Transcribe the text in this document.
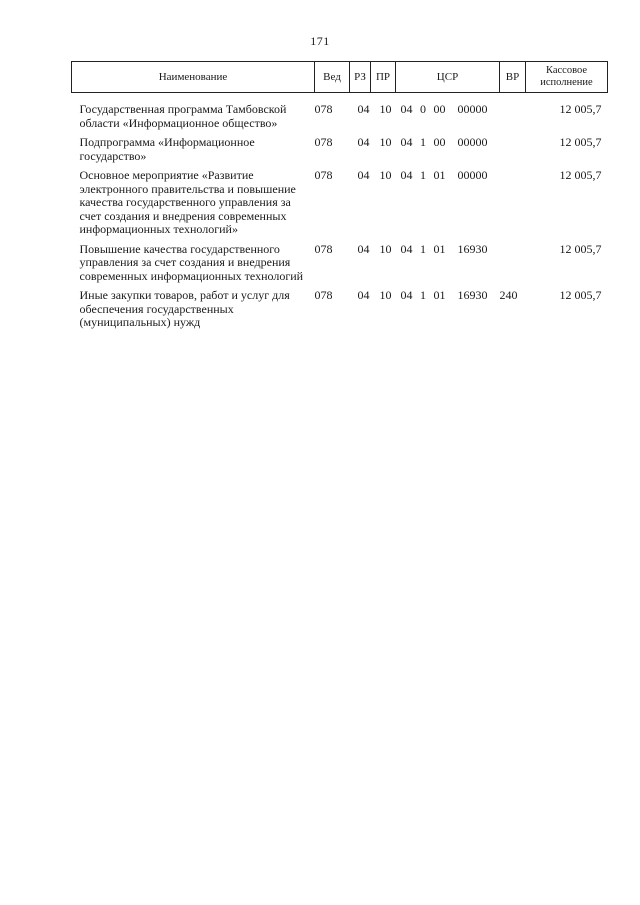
171
Наименование	Вед	РЗ	ПР	ЦСР	ВР	Кассовое
исполнение
Государственная программа Тамбовской области «Информационное общество»	078	04 10		04 0 00 00000		12 005,7
Подпрограмма «Информационное государство»	078	04 10		04 1 00 00000		12 005,7
Основное мероприятие «Развитие электронного правительства и повышение качества государственного управления за счет создания и внедрения современных информационных технологий»	078	04 10		04 1 01 00000		12 005,7
Повышение качества государственного управления за счет создания и внедрения современных информационных технологий	078	04 10		04 1 01 16930		12 005,7
Иные закупки товаров, работ и услуг для обеспечения государственных (муниципальных) нужд	078	04 10		04 1 01 16930	240	12 005,7
